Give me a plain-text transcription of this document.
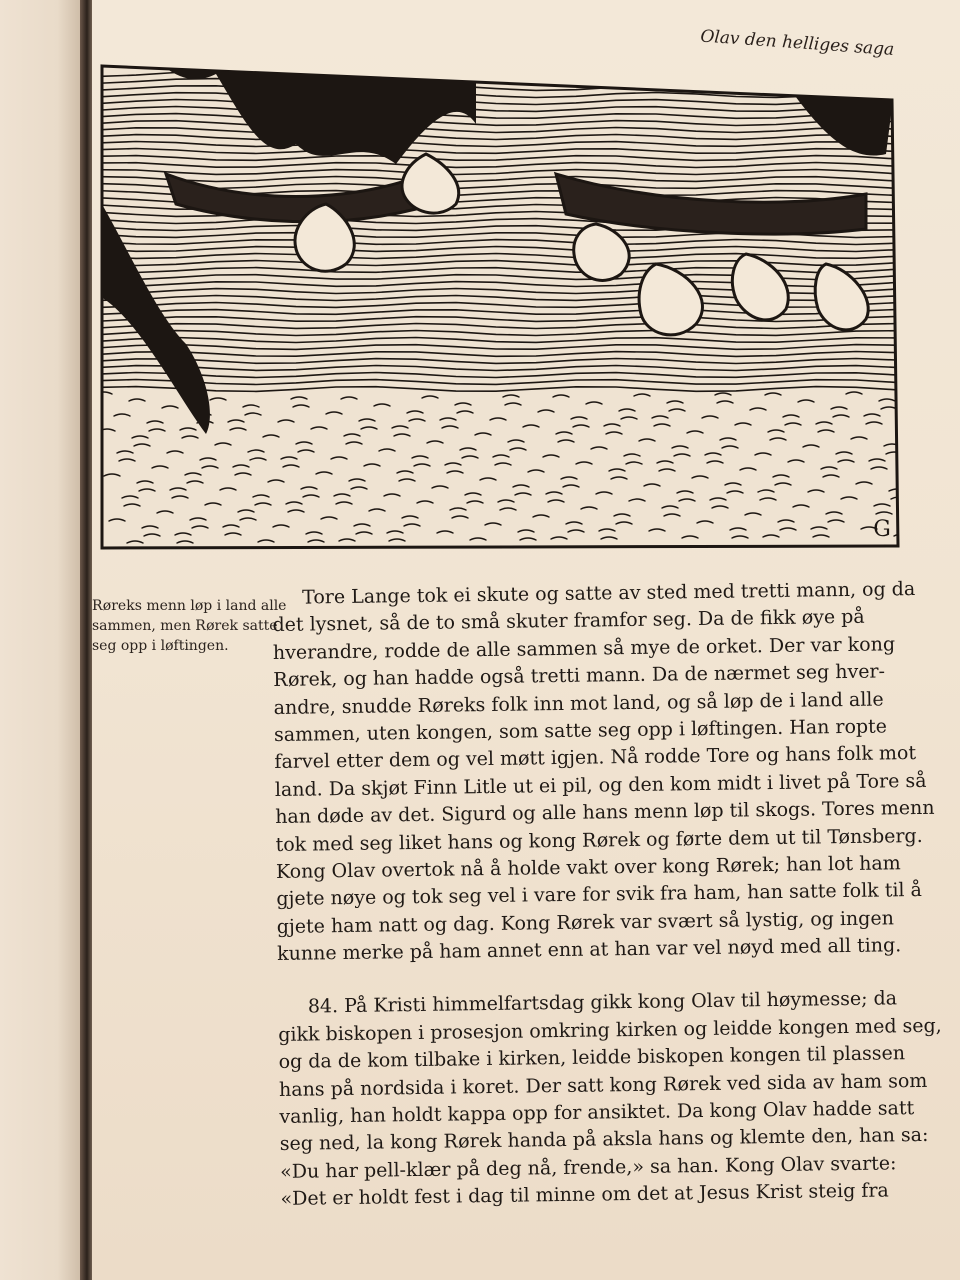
Olav den helliges saga
G
Røreks menn løp i land alle
sammen, men Rørek satte
seg opp i løftingen.
Tore Lange tok ei skute og satte av sted med tretti mann, og da
det lysnet, så de to små skuter framfor seg. Da de fikk øye på
hverandre, rodde de alle sammen så mye de orket. Der var kong
Rørek, og han hadde også tretti mann. Da de nærmet seg hver-
andre, snudde Røreks folk inn mot land, og så løp de i land alle
sammen, uten kongen, som satte seg opp i løftingen. Han ropte
farvel etter dem og vel møtt igjen. Nå rodde Tore og hans folk mot
land. Da skjøt Finn Litle ut ei pil, og den kom midt i livet på Tore så
han døde av det. Sigurd og alle hans menn løp til skogs. Tores menn
tok med seg liket hans og kong Rørek og førte dem ut til Tønsberg.
Kong Olav overtok nå å holde vakt over kong Rørek; han lot ham
gjete nøye og tok seg vel i vare for svik fra ham, han satte folk til å
gjete ham natt og dag. Kong Rørek var svært så lystig, og ingen
kunne merke på ham annet enn at han var vel nøyd med all ting.
84. På Kristi himmelfartsdag gikk kong Olav til høymesse; da
gikk biskopen i prosesjon omkring kirken og leidde kongen med seg,
og da de kom tilbake i kirken, leidde biskopen kongen til plassen
hans på nordsida i koret. Der satt kong Rørek ved sida av ham som
vanlig, han holdt kappa opp for ansiktet. Da kong Olav hadde satt
seg ned, la kong Rørek handa på aksla hans og klemte den, han sa:
«Du har pell-klær på deg nå, frende,» sa han. Kong Olav svarte:
«Det er holdt fest i dag til minne om det at Jesus Krist steig fra
